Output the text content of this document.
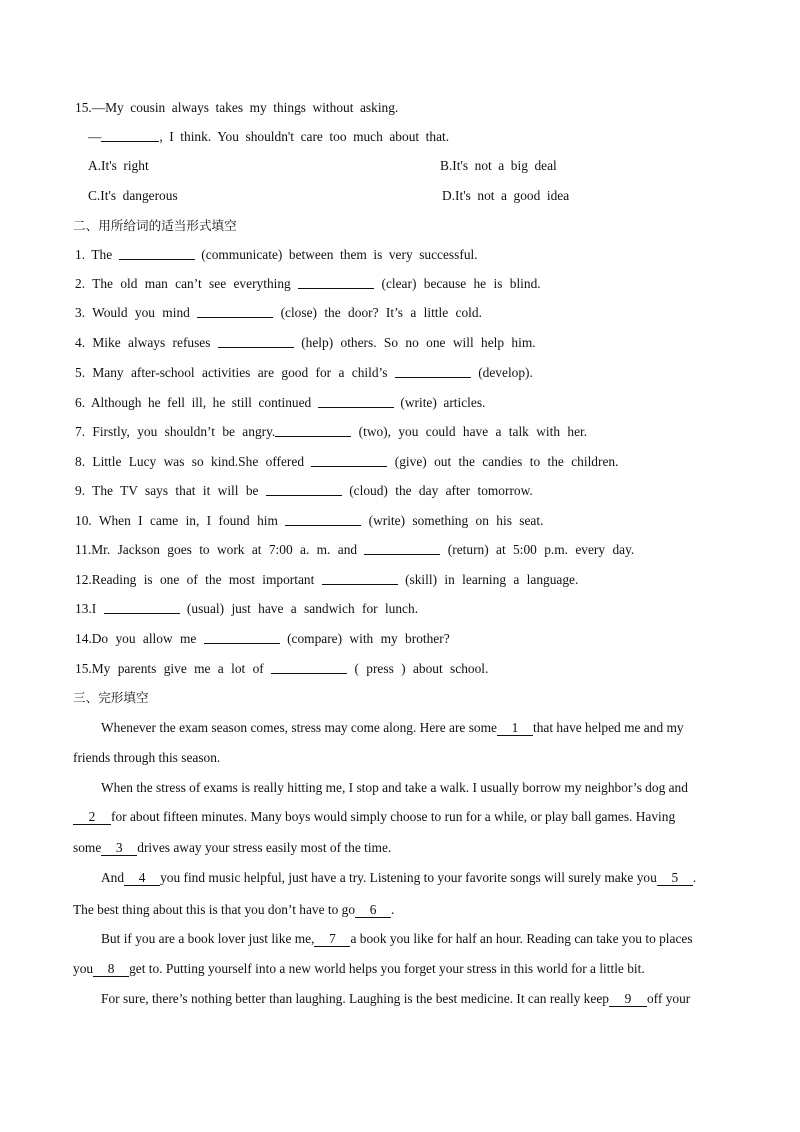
15.—My cousin always takes my things without asking.
—	, I think. You shouldn't care too much about that.
A.It's right	B.It's not a big deal
C.It's dangerous	D.It's not a good idea
二、用所给词的适当形式填空
1. The	(communicate) between them is very successful.
2. The old man can’t see everything	(clear) because he is blind.
3. Would you mind	(close) the door? It’s a little cold.
4. Mike always refuses	(help) others. So no one will help him.
5. Many after-school activities are good for a child’s	(develop).
6. Although he fell ill, he still continued	(write) articles.
7. Firstly, you shouldn’t be angry.	(two), you could have a talk with her.
8. Little Lucy was so kind.She offered	(give) out the candies to the children.
9. The TV says that it will be	(cloud) the day after tomorrow.
10. When I came in, I found him	(write) something on his seat.
11.Mr. Jackson goes to work at 7:00 a. m. and	(return) at 5:00 p.m. every day.
12.Reading is one of the most important	(skill) in learning a language.
13.I	(usual) just have a sandwich for lunch.
14.Do you allow me	(compare) with my brother?
15.My parents give me a lot of	( press ) about school.
三、完形填空
Whenever the exam season comes, stress may come along. Here are some 1 that have helped me and my
friends through this season.
When the stress of exams is really hitting me, I stop and take a walk. I usually borrow my neighbor’s dog and
2 for about fifteen minutes. Many boys would simply choose to run for a while, or play ball games. Having
some 3 drives away your stress easily most of the time.
And 4 you find music helpful, just have a try. Listening to your favorite songs will surely make you 5 .
The best thing about this is that you don’t have to go 6 .
But if you are a book lover just like me, 7 a book you like for half an hour. Reading can take you to places
you 8 get to. Putting yourself into a new world helps you forget your stress in this world for a little bit.
For sure, there’s nothing better than laughing. Laughing is the best medicine. It can really keep 9 off your
